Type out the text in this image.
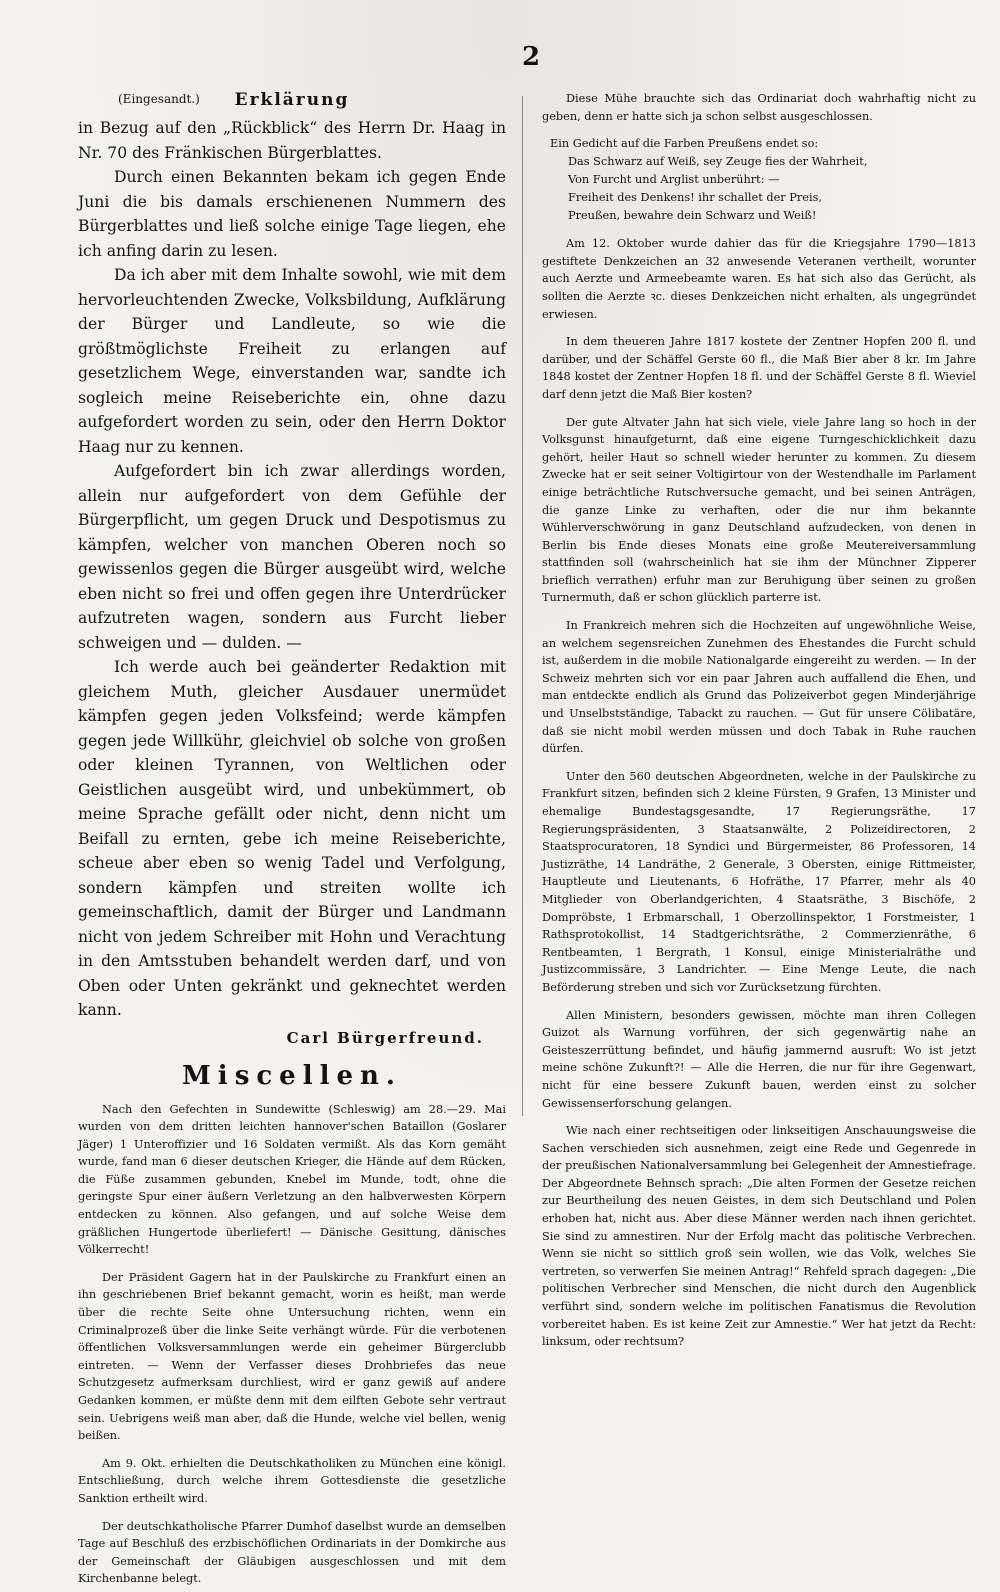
2
(Eingesandt.)	Erklärung

in Bezug auf den „Rückblick“ des Herrn Dr. Haag in Nr. 70 des Fränkischen Bürgerblattes.

Durch einen Bekannten bekam ich gegen Ende Juni die bis damals erschienenen Nummern des Bürgerblattes und ließ solche einige Tage liegen, ehe ich anfing darin zu lesen.

Da ich aber mit dem Inhalte sowohl, wie mit dem hervorleuchtenden Zwecke, Volksbildung, Aufklärung der Bürger und Landleute, so wie die größtmöglichste Freiheit zu erlangen auf gesetzlichem Wege, einverstanden war, sandte ich sogleich meine Reiseberichte ein, ohne dazu aufgefordert worden zu sein, oder den Herrn Doktor Haag nur zu kennen.

Aufgefordert bin ich zwar allerdings worden, allein nur aufgefordert von dem Gefühle der Bürgerpflicht, um gegen Druck und Despotismus zu kämpfen, welcher von manchen Oberen noch so gewissenlos gegen die Bürger ausgeübt wird, welche eben nicht so frei und offen gegen ihre Unterdrücker aufzutreten wagen, sondern aus Furcht lieber schweigen und — dulden. —

Ich werde auch bei geänderter Redaktion mit gleichem Muth, gleicher Ausdauer unermüdet kämpfen gegen jeden Volksfeind; werde kämpfen gegen jede Willkühr, gleichviel ob solche von großen oder kleinen Tyrannen, von Weltlichen oder Geistlichen ausgeübt wird, und unbekümmert, ob meine Sprache gefällt oder nicht, denn nicht um Beifall zu ernten, gebe ich meine Reiseberichte, scheue aber eben so wenig Tadel und Verfolgung, sondern kämpfen und streiten wollte ich gemeinschaftlich, damit der Bürger und Landmann nicht von jedem Schreiber mit Hohn und Verachtung in den Amtsstuben behandelt werden darf, und von Oben oder Unten gekränkt und geknechtet werden kann.

Carl Bürgerfreund.
Miscellen.

Nach den Gefechten in Sundewitte (Schleswig) am 28.—29. Mai wurden von dem dritten leichten hannover'schen Bataillon (Goslarer Jäger) 1 Unteroffizier und 16 Soldaten vermißt. Als das Korn gemäht wurde, fand man 6 dieser deutschen Krieger, die Hände auf dem Rücken, die Füße zusammen gebunden, Knebel im Munde, todt, ohne die geringste Spur einer äußern Verletzung an den halbverwesten Körpern entdecken zu können. Also gefangen, und auf solche Weise dem gräßlichen Hungertode überliefert! — Dänische Gesittung, dänisches Völkerrecht!

Der Präsident Gagern hat in der Paulskirche zu Frankfurt einen an ihn geschriebenen Brief bekannt gemacht, worin es heißt, man werde über die rechte Seite ohne Untersuchung richten, wenn ein Criminalprozeß über die linke Seite verhängt würde. Für die verbotenen öffentlichen Volksversammlungen werde ein geheimer Bürgerclubb eintreten. — Wenn der Verfasser dieses Drohbriefes das neue Schutzgesetz aufmerksam durchliest, wird er ganz gewiß auf andere Gedanken kommen, er müßte denn mit dem eilften Gebote sehr vertraut sein. Uebrigens weiß man aber, daß die Hunde, welche viel bellen, wenig beißen.

Am 9. Okt. erhielten die Deutschkatholiken zu München eine königl. Entschließung, durch welche ihrem Gottesdienste die gesetzliche Sanktion ertheilt wird.

Der deutschkatholische Pfarrer Dumhof daselbst wurde an demselben Tage auf Beschluß des erzbischöflichen Ordinariats in der Domkirche aus der Gemeinschaft der Gläubigen ausgeschlossen und mit dem Kirchenbanne belegt.

Diese Mühe brauchte sich das Ordinariat doch wahrhaftig nicht zu geben, denn er hatte sich ja schon selbst ausgeschlossen.

Ein Gedicht auf die Farben Preußens endet so:
Das Schwarz auf Weiß, sey Zeuge fies der Wahrheit,
Von Furcht und Arglist unberührt: —
Freiheit des Denkens! ihr schallet der Preis,
Preußen, bewahre dein Schwarz und Weiß!

Am 12. Oktober wurde dahier das für die Kriegsjahre 1790—1813 gestiftete Denkzeichen an 32 anwesende Veteranen vertheilt, worunter auch Aerzte und Armeebeamte waren. Es hat sich also das Gerücht, als sollten die Aerzte ꝛc. dieses Denkzeichen nicht erhalten, als ungegründet erwiesen.

In dem theueren Jahre 1817 kostete der Zentner Hopfen 200 fl. und darüber, und der Schäffel Gerste 60 fl., die Maß Bier aber 8 kr. Im Jahre 1848 kostet der Zentner Hopfen 18 fl. und der Schäffel Gerste 8 fl. Wieviel darf denn jetzt die Maß Bier kosten?

Der gute Altvater Jahn hat sich viele, viele Jahre lang so hoch in der Volksgunst hinaufgeturnt, daß eine eigene Turngeschicklichkeit dazu gehört, heiler Haut so schnell wieder herunter zu kommen. Zu diesem Zwecke hat er seit seiner Voltigirtour von der Westendhalle im Parlament einige beträchtliche Rutschversuche gemacht, und bei seinen Anträgen, die ganze Linke zu verhaften, oder die nur ihm bekannte Wühlerverschwörung in ganz Deutschland aufzudecken, von denen in Berlin bis Ende dieses Monats eine große Meutereiversammlung stattfinden soll (wahrscheinlich hat sie ihm der Münchner Zipperer brieflich verrathen) erfuhr man zur Beruhigung über seinen zu großen Turnermuth, daß er schon glücklich parterre ist.

In Frankreich mehren sich die Hochzeiten auf ungewöhnliche Weise, an welchem segensreichen Zunehmen des Ehestandes die Furcht schuld ist, außerdem in die mobile Nationalgarde eingereiht zu werden. — In der Schweiz mehrten sich vor ein paar Jahren auch auffallend die Ehen, und man entdeckte endlich als Grund das Polizeiverbot gegen Minderjährige und Unselbstständige, Tabackt zu rauchen. — Gut für unsere Cölibatäre, daß sie nicht mobil werden müssen und doch Tabak in Ruhe rauchen dürfen.

Unter den 560 deutschen Abgeordneten, welche in der Paulskirche zu Frankfurt sitzen, befinden sich 2 kleine Fürsten, 9 Grafen, 13 Minister und ehemalige Bundestagsgesandte, 17 Regierungsräthe, 17 Regierungspräsidenten, 3 Staatsanwälte, 2 Polizeidirectoren, 2 Staatsprocuratoren, 18 Syndici und Bürgermeister, 86 Professoren, 14 Justizräthe, 14 Landräthe, 2 Generale, 3 Obersten, einige Rittmeister, Hauptleute und Lieutenants, 6 Hofräthe, 17 Pfarrer, mehr als 40 Mitglieder von Oberlandgerichten, 4 Staatsräthe, 3 Bischöfe, 2 Dompröbste, 1 Erbmarschall, 1 Oberzollinspektor, 1 Forstmeister, 1 Rathsprotokollist, 14 Stadtgerichtsräthe, 2 Commerzienräthe, 6 Rentbeamten, 1 Bergrath, 1 Konsul, einige Ministerialräthe und Justizcommissäre, 3 Landrichter. — Eine Menge Leute, die nach Beförderung streben und sich vor Zurücksetzung fürchten.

Allen Ministern, besonders gewissen, möchte man ihren Collegen Guizot als Warnung vorführen, der sich gegenwärtig nahe an Geisteszerrüttung befindet, und häufig jammernd ausruft: Wo ist jetzt meine schöne Zukunft?! — Alle die Herren, die nur für ihre Gegenwart, nicht für eine bessere Zukunft bauen, werden einst zu solcher Gewissenserforschung gelangen.

Wie nach einer rechtseitigen oder linkseitigen Anschauungsweise die Sachen verschieden sich ausnehmen, zeigt eine Rede und Gegenrede in der preußischen Nationalversammlung bei Gelegenheit der Amnestiefrage. Der Abgeordnete Behnsch sprach: „Die alten Formen der Gesetze reichen zur Beurtheilung des neuen Geistes, in dem sich Deutschland und Polen erhoben hat, nicht aus. Aber diese Männer werden nach ihnen gerichtet. Sie sind zu amnestiren. Nur der Erfolg macht das politische Verbrechen. Wenn sie nicht so sittlich groß sein wollen, wie das Volk, welches Sie vertreten, so verwerfen Sie meinen Antrag!“ Rehfeld sprach dagegen: „Die politischen Verbrecher sind Menschen, die nicht durch den Augenblick verführt sind, sondern welche im politischen Fanatismus die Revolution vorbereitet haben. Es ist keine Zeit zur Amnestie.“ Wer hat jetzt da Recht: linksum, oder rechtsum?
